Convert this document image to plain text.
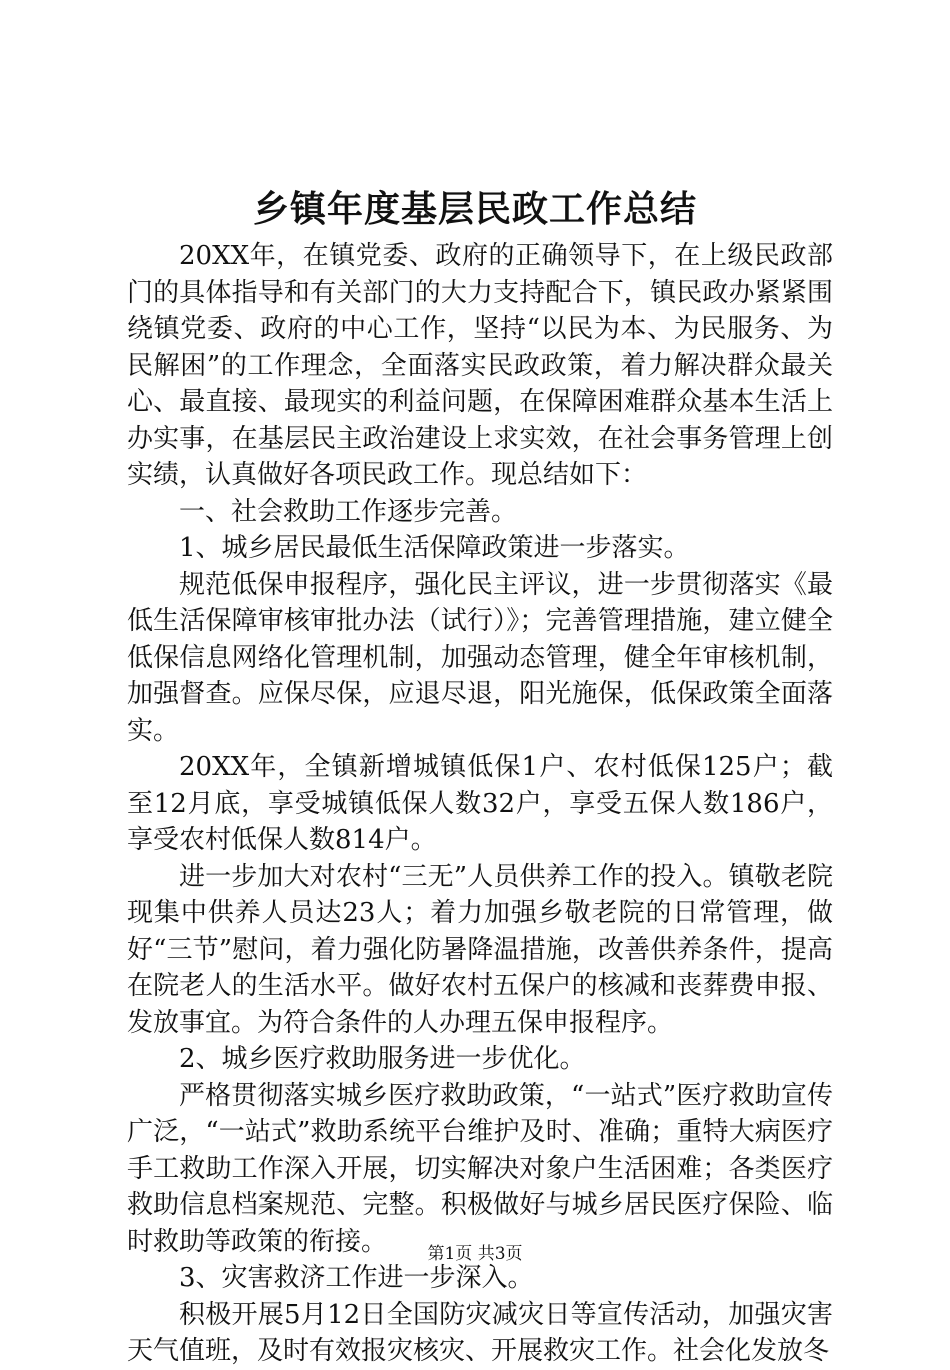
乡镇年度基层民政工作总结

20XX年，在镇党委、政府的正确领导下，在上级民政部门的具体指导和有关部门的大力支持配合下，镇民政办紧紧围绕镇党委、政府的中心工作，坚持“以民为本、为民服务、为民解困”的工作理念，全面落实民政政策，着力解决群众最关心、最直接、最现实的利益问题，在保障困难群众基本生活上办实事，在基层民主政治建设上求实效，在社会事务管理上创实绩，认真做好各项民政工作。现总结如下：

一、社会救助工作逐步完善。

1、城乡居民最低生活保障政策进一步落实。

规范低保申报程序，强化民主评议，进一步贯彻落实《最低生活保障审核审批办法（试行）》；完善管理措施，建立健全低保信息网络化管理机制，加强动态管理，健全年审核机制，加强督查。应保尽保，应退尽退，阳光施保，低保政策全面落实。

20XX年，全镇新增城镇低保1户、农村低保125户；截至12月底，享受城镇低保人数32户，享受五保人数186户，享受农村低保人数814户。

进一步加大对农村“三无”人员供养工作的投入。镇敬老院现集中供养人员达23人；着力加强乡敬老院的日常管理，做好“三节”慰问，着力强化防暑降温措施，改善供养条件，提高在院老人的生活水平。做好农村五保户的核减和丧葬费申报、发放事宜。为符合条件的人办理五保申报程序。

2、城乡医疗救助服务进一步优化。

严格贯彻落实城乡医疗救助政策，“一站式”医疗救助宣传广泛，“一站式”救助系统平台维护及时、准确；重特大病医疗手工救助工作深入开展，切实解决对象户生活困难；各类医疗救助信息档案规范、完整。积极做好与城乡居民医疗保险、临时救助等政策的衔接。

3、灾害救济工作进一步深入。

积极开展5月12日全国防灾减灾日等宣传活动，加强灾害天气值班，及时有效报灾核灾、开展救灾工作。社会化发放冬

第1页 共3页
